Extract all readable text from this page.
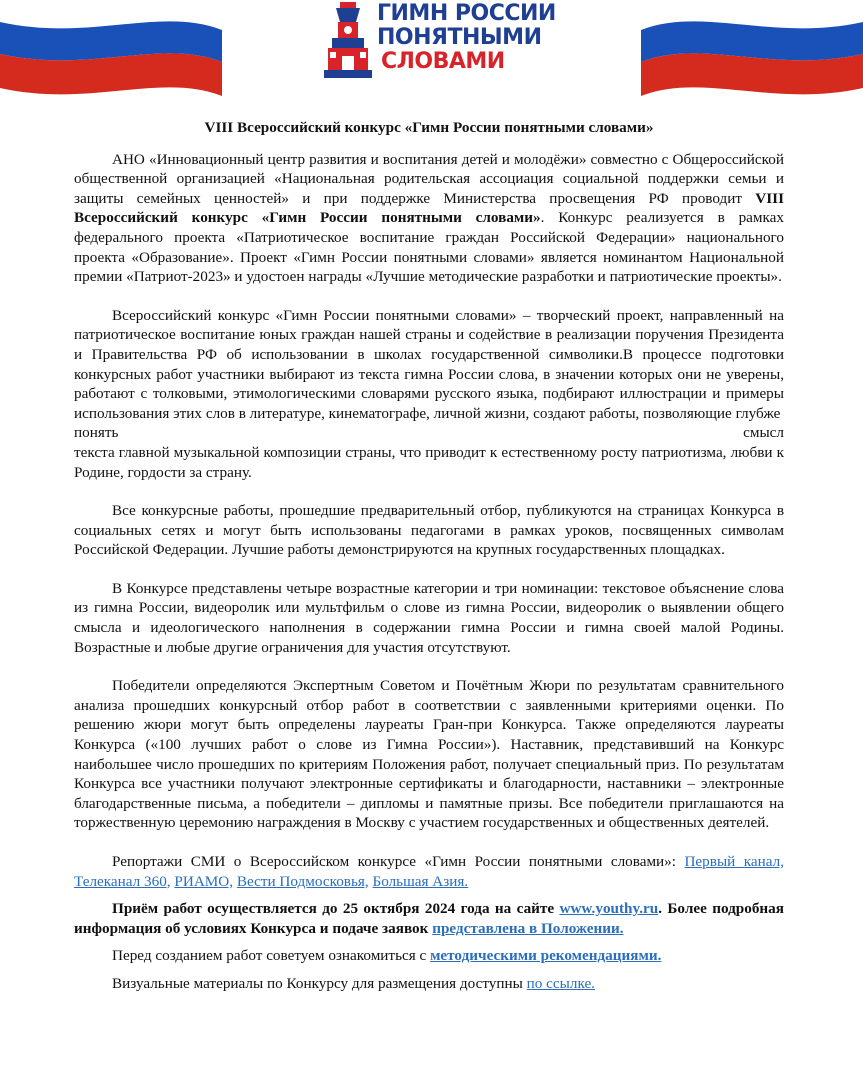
ГИМН РОССИИ
ПОНЯТНЫМИ
СЛОВАМИ
VIII Всероссийский конкурс «Гимн России понятными словами»

АНО «Инновационный центр развития и воспитания детей и молодёжи» совместно с Общероссийской общественной организацией «Национальная родительская ассоциация социальной поддержки семьи и защиты семейных ценностей» и при поддержке Министерства просвещения РФ проводит VIII Всероссийский конкурс «Гимн России понятными словами». Конкурс реализуется в рамках федерального проекта «Патриотическое воспитание граждан Российской Федерации» национального проекта «Образование». Проект «Гимн России понятными словами» является номинантом Национальной премии «Патриот-2023» и удостоен награды «Лучшие методические разработки и патриотические проекты».

Всероссийский конкурс «Гимн России понятными словами» – творческий проект, направленный на патриотическое воспитание юных граждан нашей страны и содействие в реализации поручения Президента и Правительства РФ об использовании в школах государственной символики.В процессе подготовки конкурсных работ участники выбирают из текста гимна России слова, в значении которых они не уверены, работают с толковыми, этимологическими словарями русского языка, подбирают иллюстрации и примеры использования этих слов в литературе, кинематографе, личной жизни, создают работы, позволяющие глубже
понять	смысл
текста главной музыкальной композиции страны, что приводит к естественному росту патриотизма, любви к Родине, гордости за страну.

Все конкурсные работы, прошедшие предварительный отбор, публикуются на страницах Конкурса в социальных сетях и могут быть использованы педагогами в рамках уроков, посвященных символам Российской Федерации. Лучшие работы демонстрируются на крупных государственных площадках.

В Конкурсе представлены четыре возрастные категории и три номинации: текстовое объяснение слова из гимна России, видеоролик или мультфильм о слове из гимна России, видеоролик о выявлении общего смысла и идеологического наполнения в содержании гимна России и гимна своей малой Родины. Возрастные и любые другие ограничения для участия отсутствуют.

Победители определяются Экспертным Советом и Почётным Жюри по результатам сравнительного анализа прошедших конкурсный отбор работ в соответствии с заявленными критериями оценки. По решению жюри могут быть определены лауреаты Гран-при Конкурса. Также определяются лауреаты Конкурса («100 лучших работ о слове из Гимна России»). Наставник, представивший на Конкурс наибольшее число прошедших по критериям Положения работ, получает специальный приз. По результатам Конкурса все участники получают электронные сертификаты и благодарности, наставники – электронные благодарственные письма, а победители – дипломы и памятные призы. Все победители приглашаются на торжественную церемонию награждения в Москву с участием государственных и общественных деятелей.

Репортажи СМИ о Всероссийском конкурсе «Гимн России понятными словами»: Первый канал, Телеканал 360, РИАМО, Вести Подмосковья, Большая Азия.

Приём работ осуществляется до 25 октября 2024 года на сайте www.youthy.ru. Более подробная информация об условиях Конкурса и подаче заявок представлена в Положении.

Перед созданием работ советуем ознакомиться с методическими рекомендациями.

Визуальные материалы по Конкурсу для размещения доступны по ссылке.
